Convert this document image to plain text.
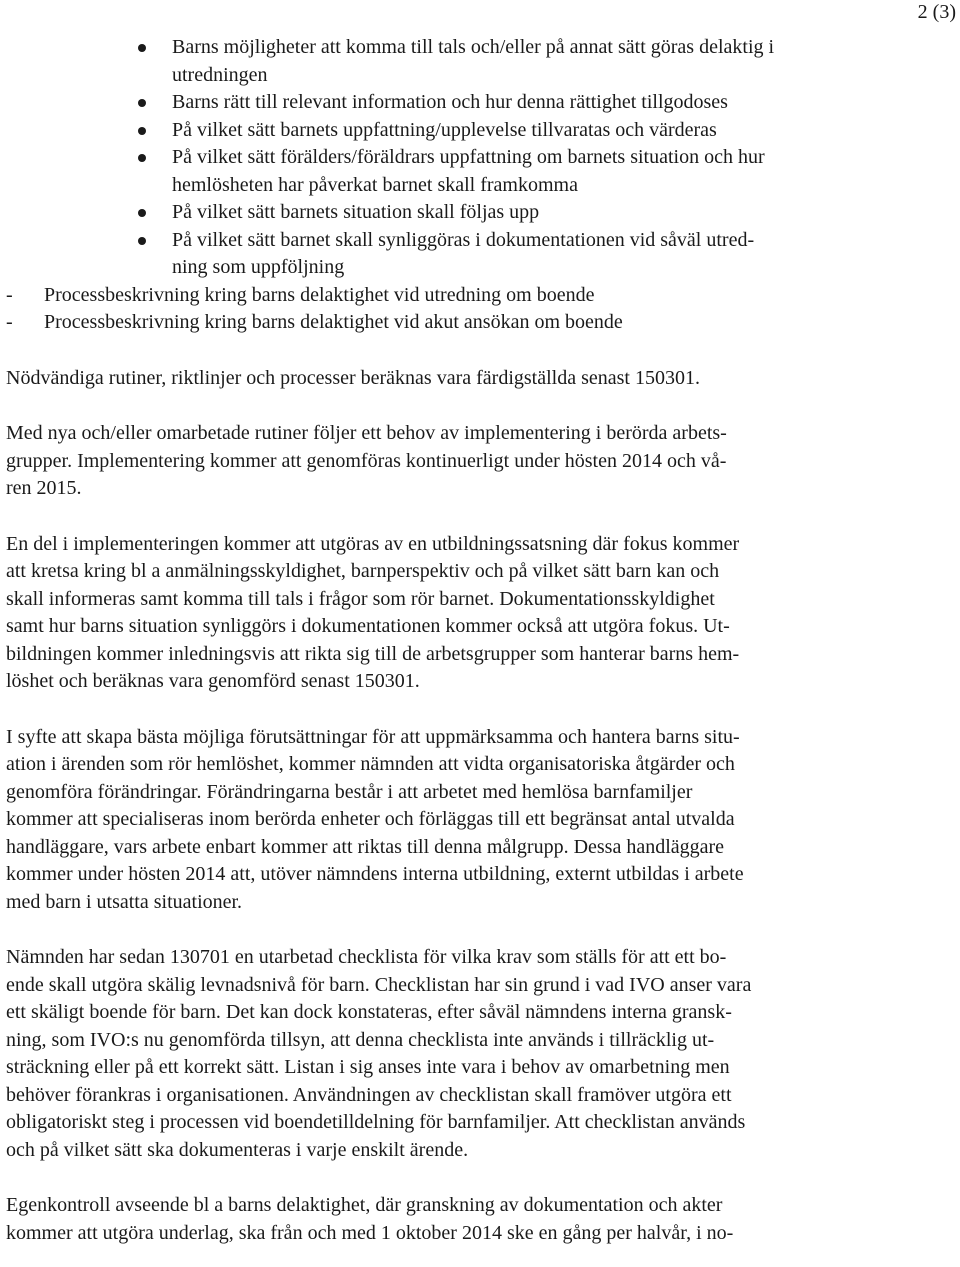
2 (3)
Barns möjligheter att komma till tals och/eller på annat sätt göras delaktig i
utredningen
Barns rätt till relevant information och hur denna rättighet tillgodoses
På vilket sätt barnets uppfattning/upplevelse tillvaratas och värderas
På vilket sätt förälders/föräldrars uppfattning om barnets situation och hur
hemlösheten har påverkat barnet skall framkomma
På vilket sätt barnets situation skall följas upp
På vilket sätt barnet skall synliggöras i dokumentationen vid såväl utred-
ning som uppföljning
- Processbeskrivning kring barns delaktighet vid utredning om boende
- Processbeskrivning kring barns delaktighet vid akut ansökan om boende
Nödvändiga rutiner, riktlinjer och processer beräknas vara färdigställda senast 150301.
Med nya och/eller omarbetade rutiner följer ett behov av implementering i berörda arbets-
grupper. Implementering kommer att genomföras kontinuerligt under hösten 2014 och vå-
ren 2015.
En del i implementeringen kommer att utgöras av en utbildningssatsning där fokus kommer
att kretsa kring bl a anmälningsskyldighet, barnperspektiv och på vilket sätt barn kan och
skall informeras samt komma till tals i frågor som rör barnet. Dokumentationsskyldighet
samt hur barns situation synliggörs i dokumentationen kommer också att utgöra fokus. Ut-
bildningen kommer inledningsvis att rikta sig till de arbetsgrupper som hanterar barns hem-
löshet och beräknas vara genomförd senast 150301.
I syfte att skapa bästa möjliga förutsättningar för att uppmärksamma och hantera barns situ-
ation i ärenden som rör hemlöshet, kommer nämnden att vidta organisatoriska åtgärder och
genomföra förändringar. Förändringarna består i att arbetet med hemlösa barnfamiljer
kommer att specialiseras inom berörda enheter och förläggas till ett begränsat antal utvalda
handläggare, vars arbete enbart kommer att riktas till denna målgrupp. Dessa handläggare
kommer under hösten 2014 att, utöver nämndens interna utbildning, externt utbildas i arbete
med barn i utsatta situationer.
Nämnden har sedan 130701 en utarbetad checklista för vilka krav som ställs för att ett bo-
ende skall utgöra skälig levnadsnivå för barn. Checklistan har sin grund i vad IVO anser vara
ett skäligt boende för barn. Det kan dock konstateras, efter såväl nämndens interna gransk-
ning, som IVO:s nu genomförda tillsyn, att denna checklista inte används i tillräcklig ut-
sträckning eller på ett korrekt sätt. Listan i sig anses inte vara i behov av omarbetning men
behöver förankras i organisationen. Användningen av checklistan skall framöver utgöra ett
obligatoriskt steg i processen vid boendetilldelning för barnfamiljer. Att checklistan används
och på vilket sätt ska dokumenteras i varje enskilt ärende.
Egenkontroll avseende bl a barns delaktighet, där granskning av dokumentation och akter
kommer att utgöra underlag, ska från och med 1 oktober 2014 ske en gång per halvår, i no-
